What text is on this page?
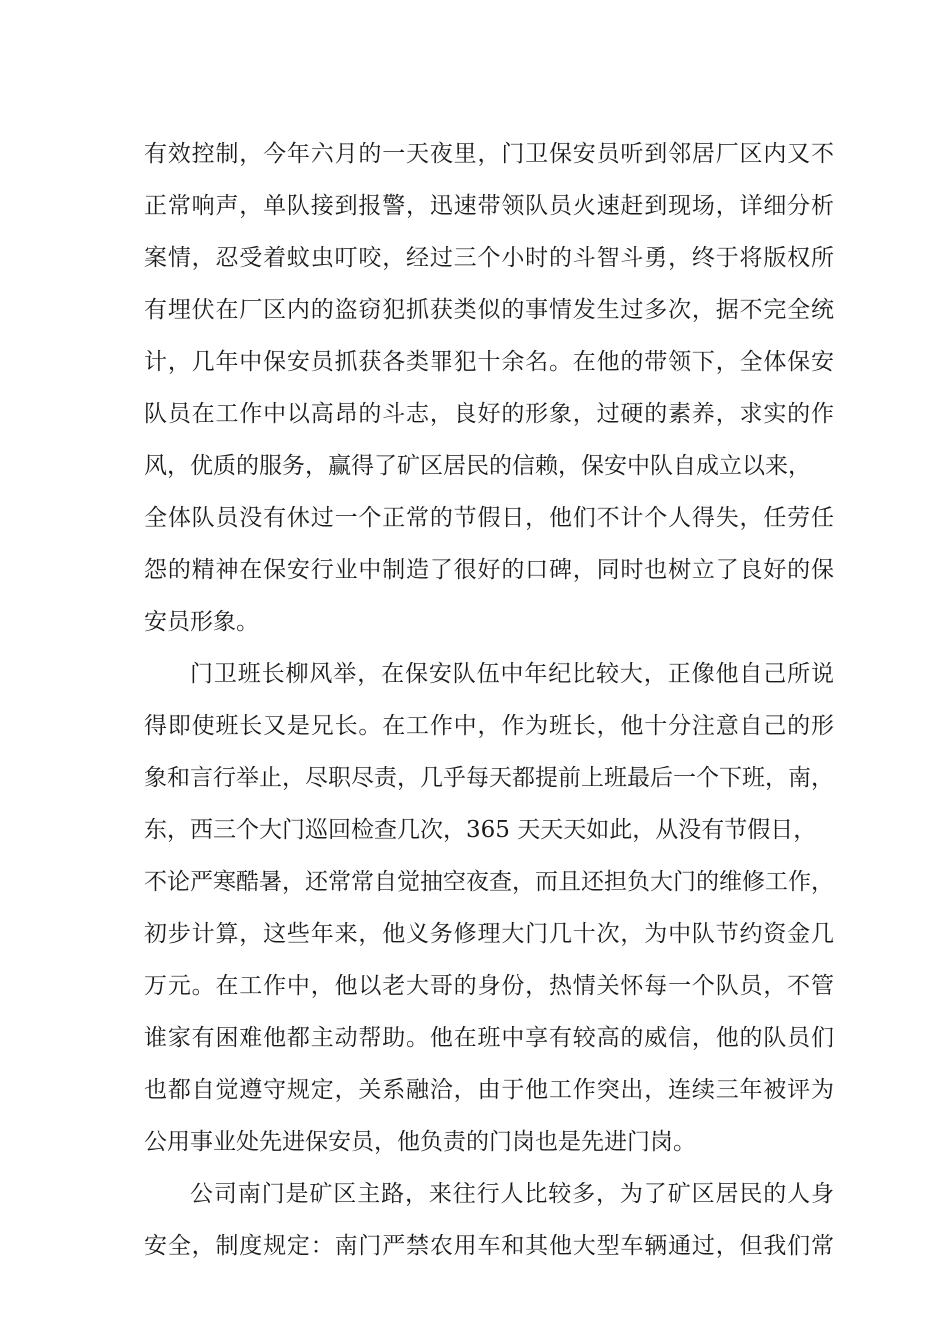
有效控制，今年六月的一天夜里，门卫保安员听到邻居厂区内又不
正常响声，单队接到报警，迅速带领队员火速赶到现场，详细分析
案情，忍受着蚊虫叮咬，经过三个小时的斗智斗勇，终于将版权所
有埋伏在厂区内的盗窃犯抓获类似的事情发生过多次，据不完全统
计，几年中保安员抓获各类罪犯十余名。在他的带领下，全体保安
队员在工作中以高昂的斗志，良好的形象，过硬的素养，求实的作
风，优质的服务，赢得了矿区居民的信赖，保安中队自成立以来，
全体队员没有休过一个正常的节假日，他们不计个人得失，任劳任
怨的精神在保安行业中制造了很好的口碑，同时也树立了良好的保
安员形象。
门卫班长柳风举，在保安队伍中年纪比较大，正像他自己所说
得即使班长又是兄长。在工作中，作为班长，他十分注意自己的形
象和言行举止，尽职尽责，几乎每天都提前上班最后一个下班，南，
东，西三个大门巡回检查几次，365 天天天如此，从没有节假日，
不论严寒酷暑，还常常自觉抽空夜查，而且还担负大门的维修工作，
初步计算，这些年来，他义务修理大门几十次，为中队节约资金几
万元。在工作中，他以老大哥的身份，热情关怀每一个队员，不管
谁家有困难他都主动帮助。他在班中享有较高的威信，他的队员们
也都自觉遵守规定，关系融洽，由于他工作突出，连续三年被评为
公用事业处先进保安员，他负责的门岗也是先进门岗。
公司南门是矿区主路，来往行人比较多，为了矿区居民的人身
安全，制度规定：南门严禁农用车和其他大型车辆通过，但我们常
